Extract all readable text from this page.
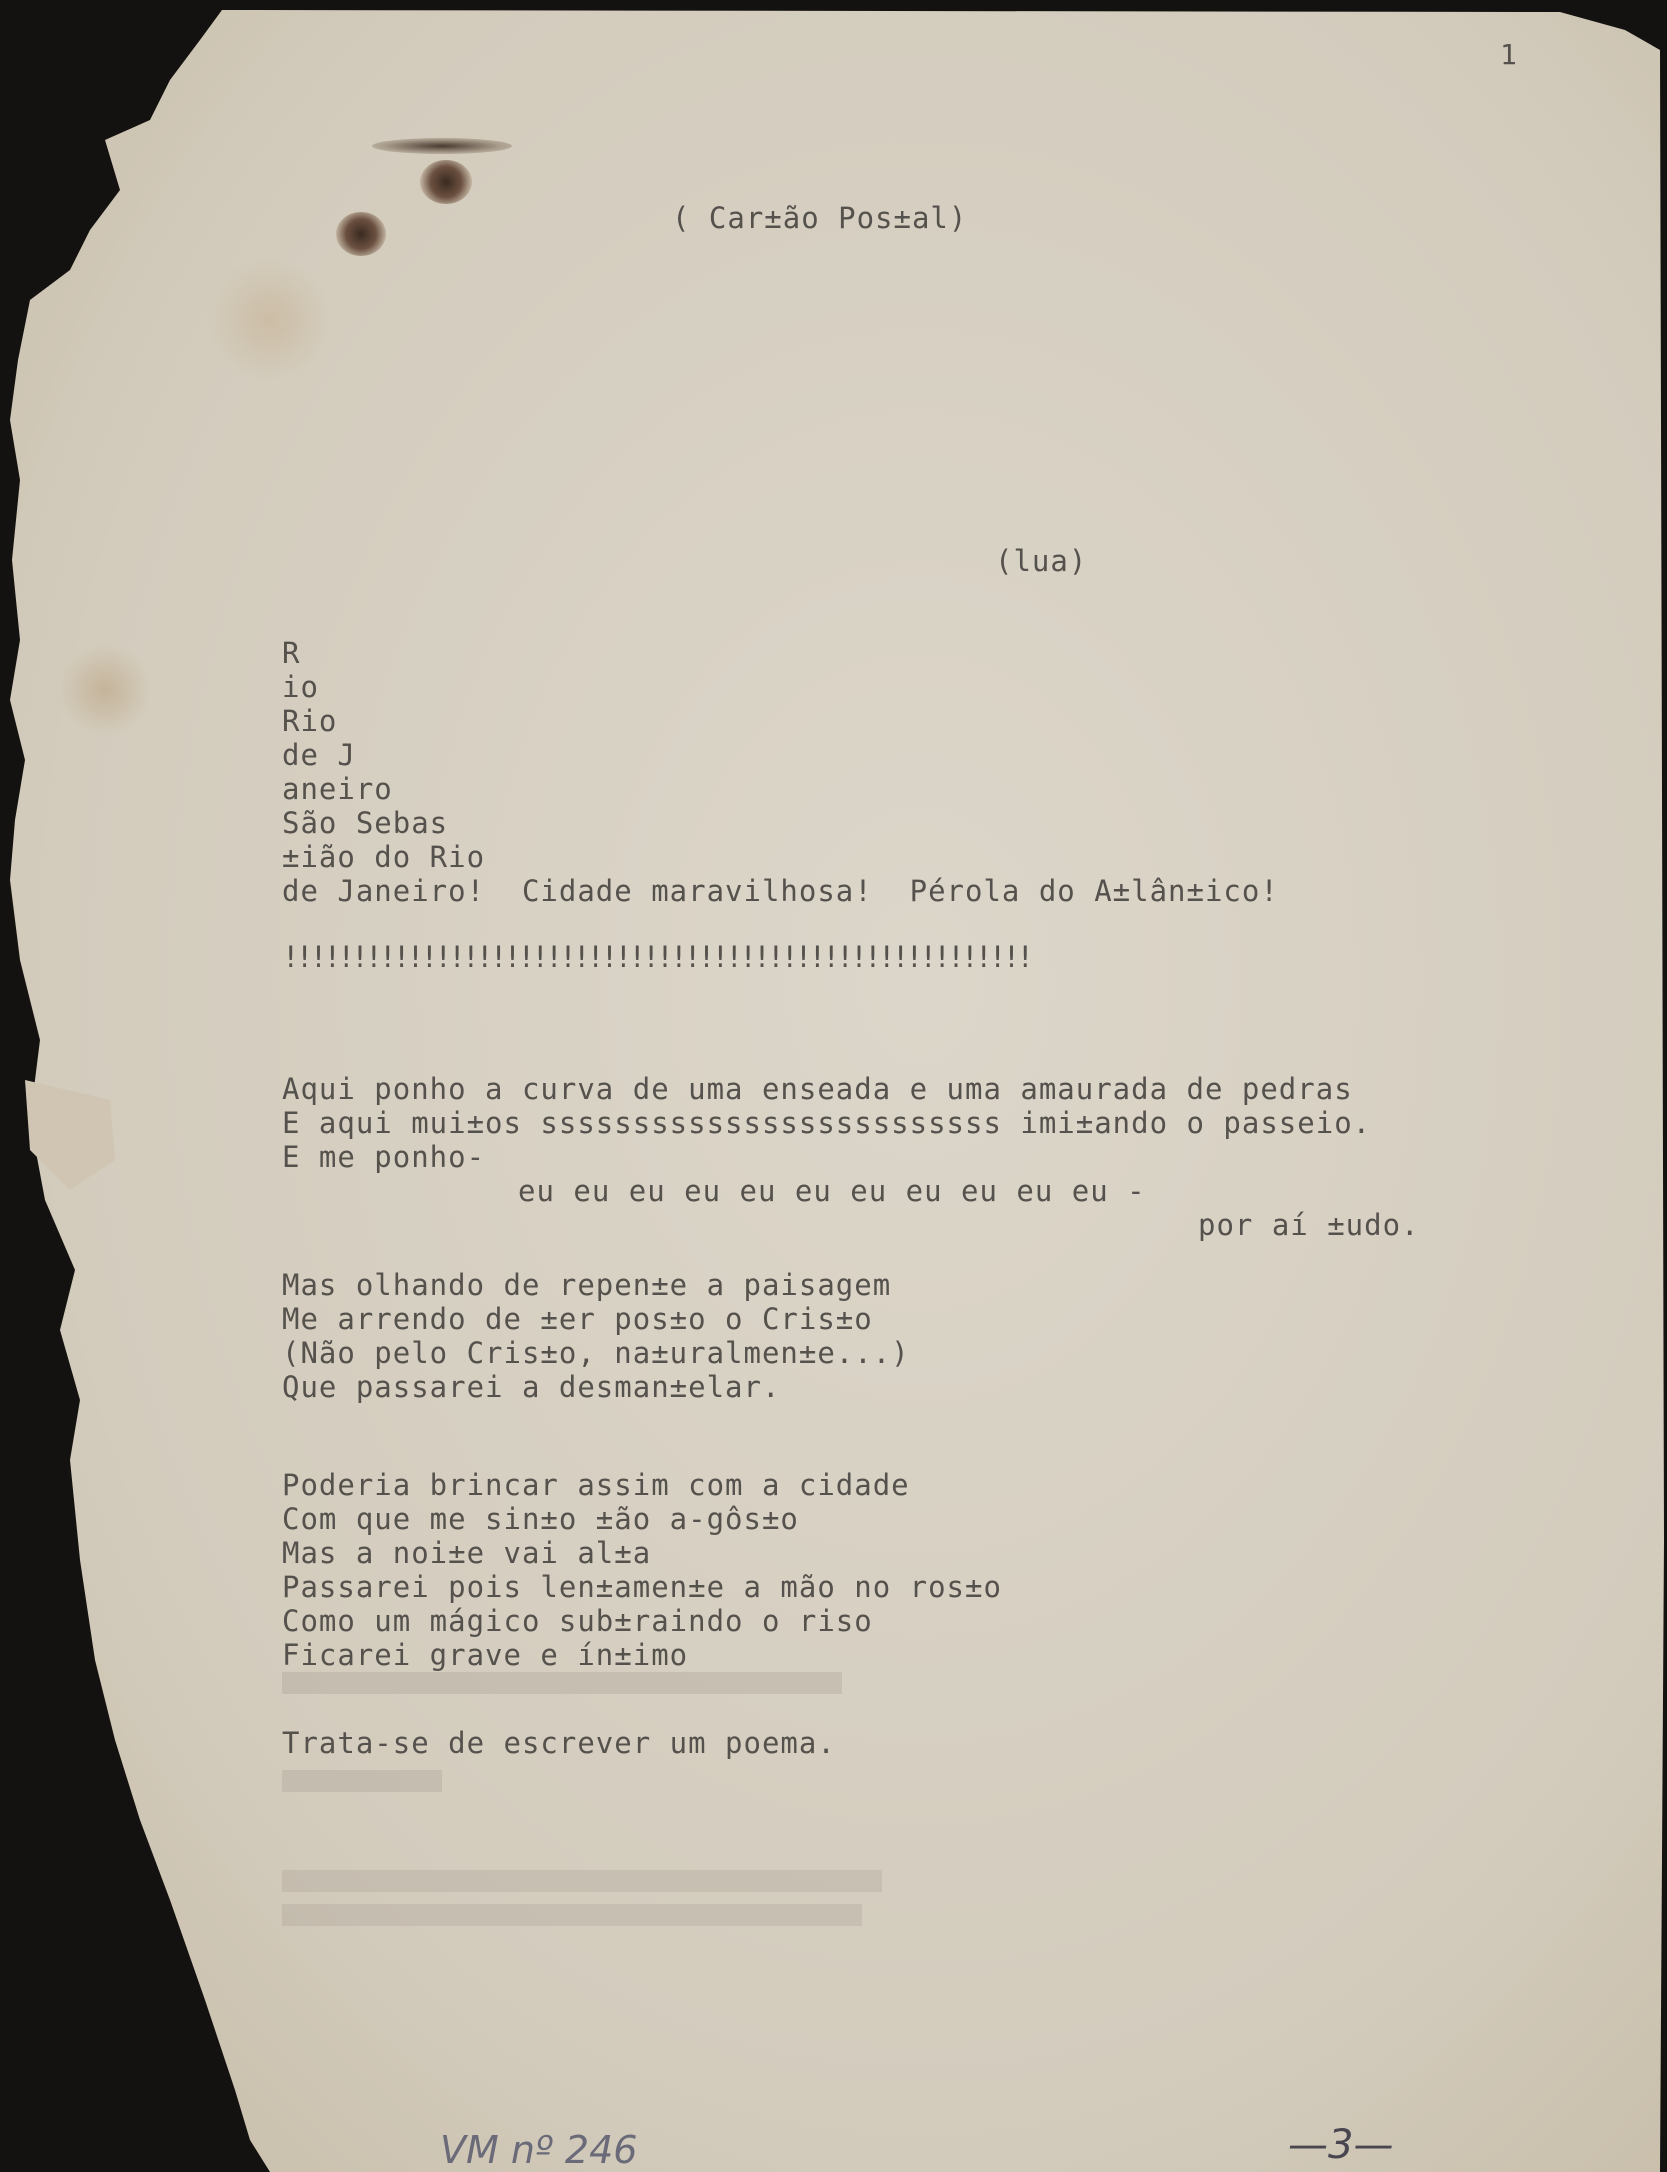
1
( Car±ão Pos±al)
(lua)
R
io
Rio
de J
aneiro
São Sebas
±ião do Rio
de Janeiro!  Cidade maravilhosa!  Pérola do A±lân±ico!
!!!!!!!!!!!!!!!!!!!!!!!!!!!!!!!!!!!!!!!!!!!!!!!!!!!!!!
Aqui ponho a curva de uma enseada e uma amaurada de pedras
E aqui mui±os sssssssssssssssssssssssss imi±ando o passeio.
E me ponho-
eu eu eu eu eu eu eu eu eu eu eu -
por aí ±udo.
Mas olhando de repen±e a paisagem
Me arrendo de ±er pos±o o Cris±o
(Não pelo Cris±o, na±uralmen±e...)
Que passarei a desman±elar.
Poderia brincar assim com a cidade
Com que me sin±o ±ão a-gôs±o
Mas a noi±e vai al±a
Passarei pois len±amen±e a mão no ros±o
Como um mágico sub±raindo o riso
Ficarei grave e ín±imo
Trata-se de escrever um poema.
VM nº 246	—3—
